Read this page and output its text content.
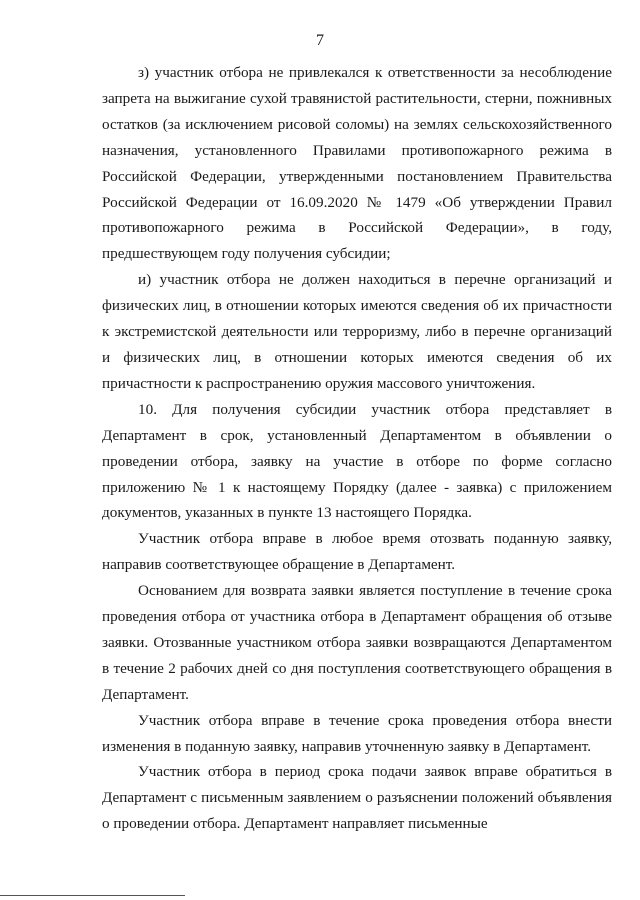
7

з) участник отбора не привлекался к ответственности за несоблюдение запрета на выжигание сухой травянистой растительности, стерни, пожнивных остатков (за исключением рисовой соломы) на землях сельскохозяйственного назначения, установленного Правилами противопожарного режима в Российской Федерации, утвержденными постановлением Правительства Российской Федерации от 16.09.2020 № 1479 «Об утверждении Правил противопожарного режима в Российской Федерации», в году, предшествующем году получения субсидии;

и) участник отбора не должен находиться в перечне организаций и физических лиц, в отношении которых имеются сведения об их причастности к экстремистской деятельности или терроризму, либо в перечне организаций и физических лиц, в отношении которых имеются сведения об их причастности к распространению оружия массового уничтожения.

10. Для получения субсидии участник отбора представляет в Департамент в срок, установленный Департаментом в объявлении о проведении отбора, заявку на участие в отборе по форме согласно приложению № 1 к настоящему Порядку (далее - заявка) с приложением документов, указанных в пункте 13 настоящего Порядка.

Участник отбора вправе в любое время отозвать поданную заявку, направив соответствующее обращение в Департамент.

Основанием для возврата заявки является поступление в течение срока проведения отбора от участника отбора в Департамент обращения об отзыве заявки. Отозванные участником отбора заявки возвращаются Департаментом в течение 2 рабочих дней со дня поступления соответствующего обращения в Департамент.

Участник отбора вправе в течение срока проведения отбора внести изменения в поданную заявку, направив уточненную заявку в Департамент.

Участник отбора в период срока подачи заявок вправе обратиться в Департамент с письменным заявлением о разъяснении положений объявления о проведении отбора. Департамент направляет письменные
